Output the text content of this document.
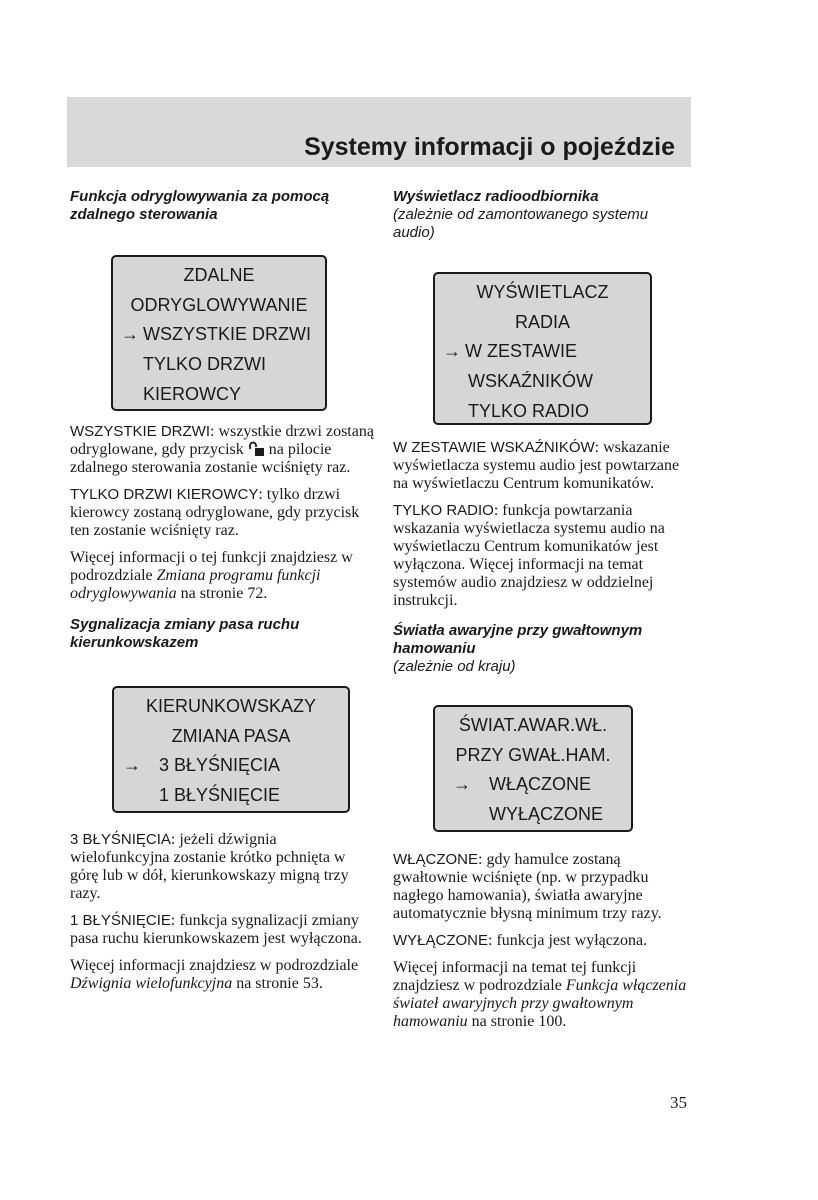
Systemy informacji o pojeździe

Funkcja odryglowywania za pomocą zdalnego sterowania

ZDALNE
ODRYGLOWYWANIE
→ WSZYSTKIE DRZWI
TYLKO DRZWI
KIEROWCY

WSZYSTKIE DRZWI: wszystkie drzwi zostaną odryglowane, gdy przycisk na pilocie zdalnego sterowania zostanie wciśnięty raz.

TYLKO DRZWI KIEROWCY: tylko drzwi kierowcy zostaną odryglowane, gdy przycisk ten zostanie wciśnięty raz.

Więcej informacji o tej funkcji znajdziesz w podrozdziale Zmiana programu funkcji odryglowywania na stronie 72.

Sygnalizacja zmiany pasa ruchu kierunkowskazem

KIERUNKOWSKAZY
ZMIANA PASA
→ 3 BŁYŚNIĘCIA
1 BŁYŚNIĘCIE

3 BŁYŚNIĘCIA: jeżeli dźwignia wielofunkcyjna zostanie krótko pchnięta w górę lub w dół, kierunkowskazy migną trzy razy.

1 BŁYŚNIĘCIE: funkcja sygnalizacji zmiany pasa ruchu kierunkowskazem jest wyłączona.

Więcej informacji znajdziesz w podrozdziale Dźwignia wielofunkcyjna na stronie 53.

Wyświetlacz radioodbiornika

(zależnie od zamontowanego systemu audio)

WYŚWIETLACZ
RADIA
→ W ZESTAWIE
WSKAŹNIKÓW
TYLKO RADIO

W ZESTAWIE WSKAŹNIKÓW: wskazanie wyświetlacza systemu audio jest powtarzane na wyświetlaczu Centrum komunikatów.

TYLKO RADIO: funkcja powtarzania wskazania wyświetlacza systemu audio na wyświetlaczu Centrum komunikatów jest wyłączona. Więcej informacji na temat systemów audio znajdziesz w oddzielnej instrukcji.

Światła awaryjne przy gwałtownym hamowaniu

(zależnie od kraju)

ŚWIAT.AWAR.WŁ.
PRZY GWAŁ.HAM.
→ WŁĄCZONE
WYŁĄCZONE

WŁĄCZONE: gdy hamulce zostaną gwałtownie wciśnięte (np. w przypadku nagłego hamowania), światła awaryjne automatycznie błysną minimum trzy razy.

WYŁĄCZONE: funkcja jest wyłączona.

Więcej informacji na temat tej funkcji znajdziesz w podrozdziale Funkcja włączenia świateł awaryjnych przy gwałtownym hamowaniu na stronie 100.

35
